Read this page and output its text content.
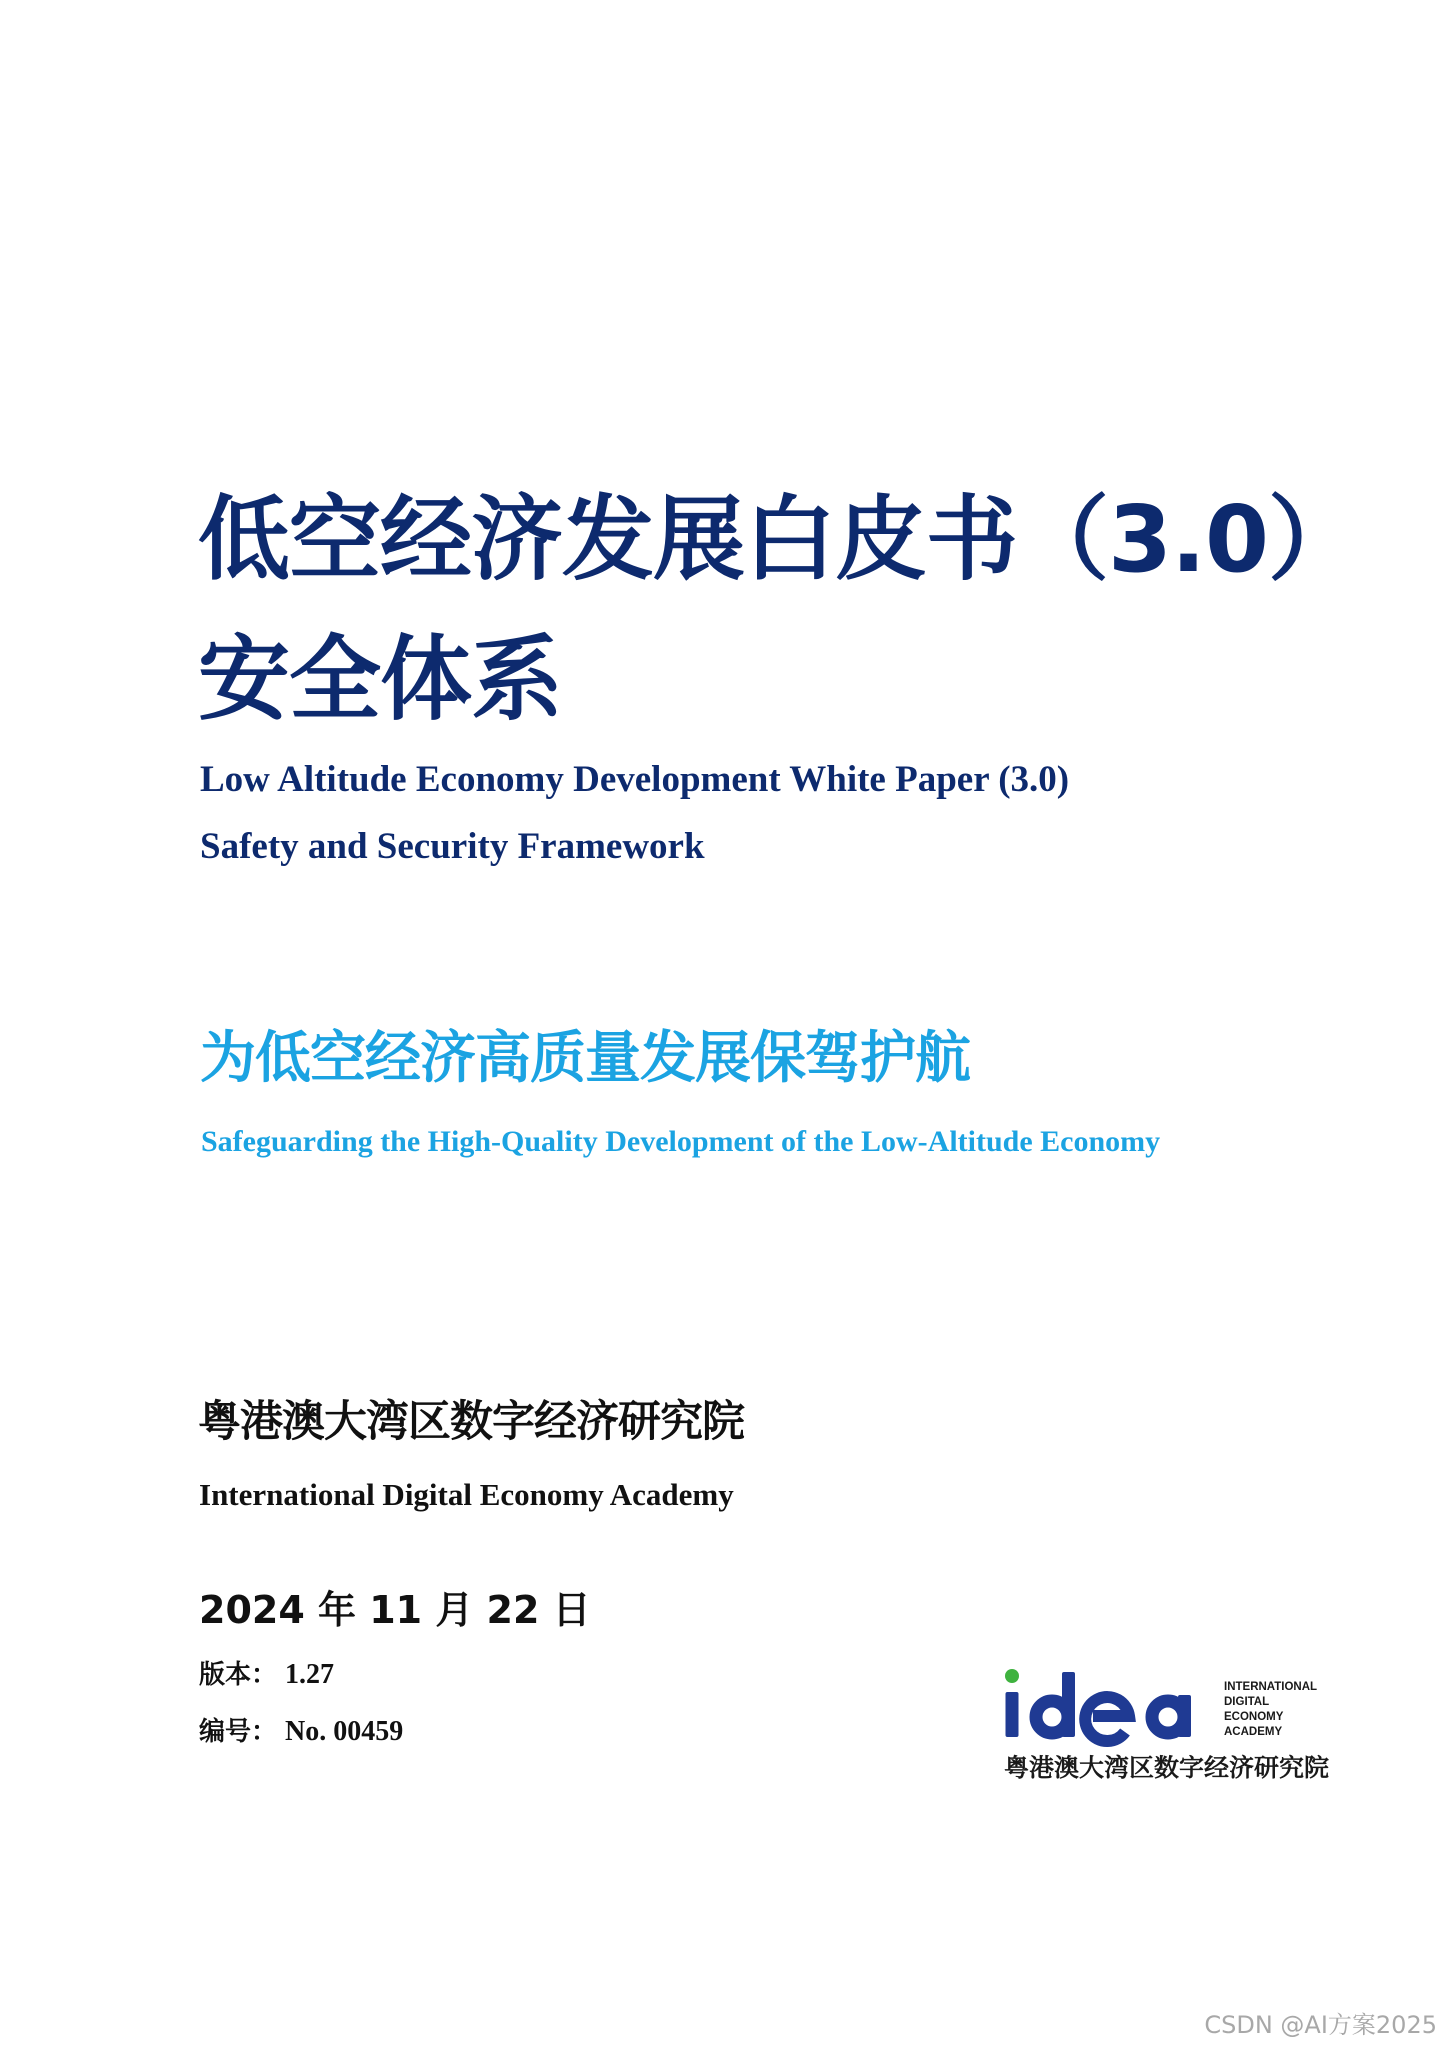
低空经济发展白皮书（3.0）
安全体系
Low Altitude Economy Development White Paper (3.0)
Safety and Security Framework

为低空经济高质量发展保驾护航

Safeguarding the High-Quality Development of the Low-Altitude Economy

粤港澳大湾区数字经济研究院

International Digital Economy Academy

2024 年 11 月 22 日

版本： 1.27

编号： No. 00459

INTERNATIONAL
DIGITAL
ECONOMY
ACADEMY
粤港澳大湾区数字经济研究院

CSDN @AI方案2025
